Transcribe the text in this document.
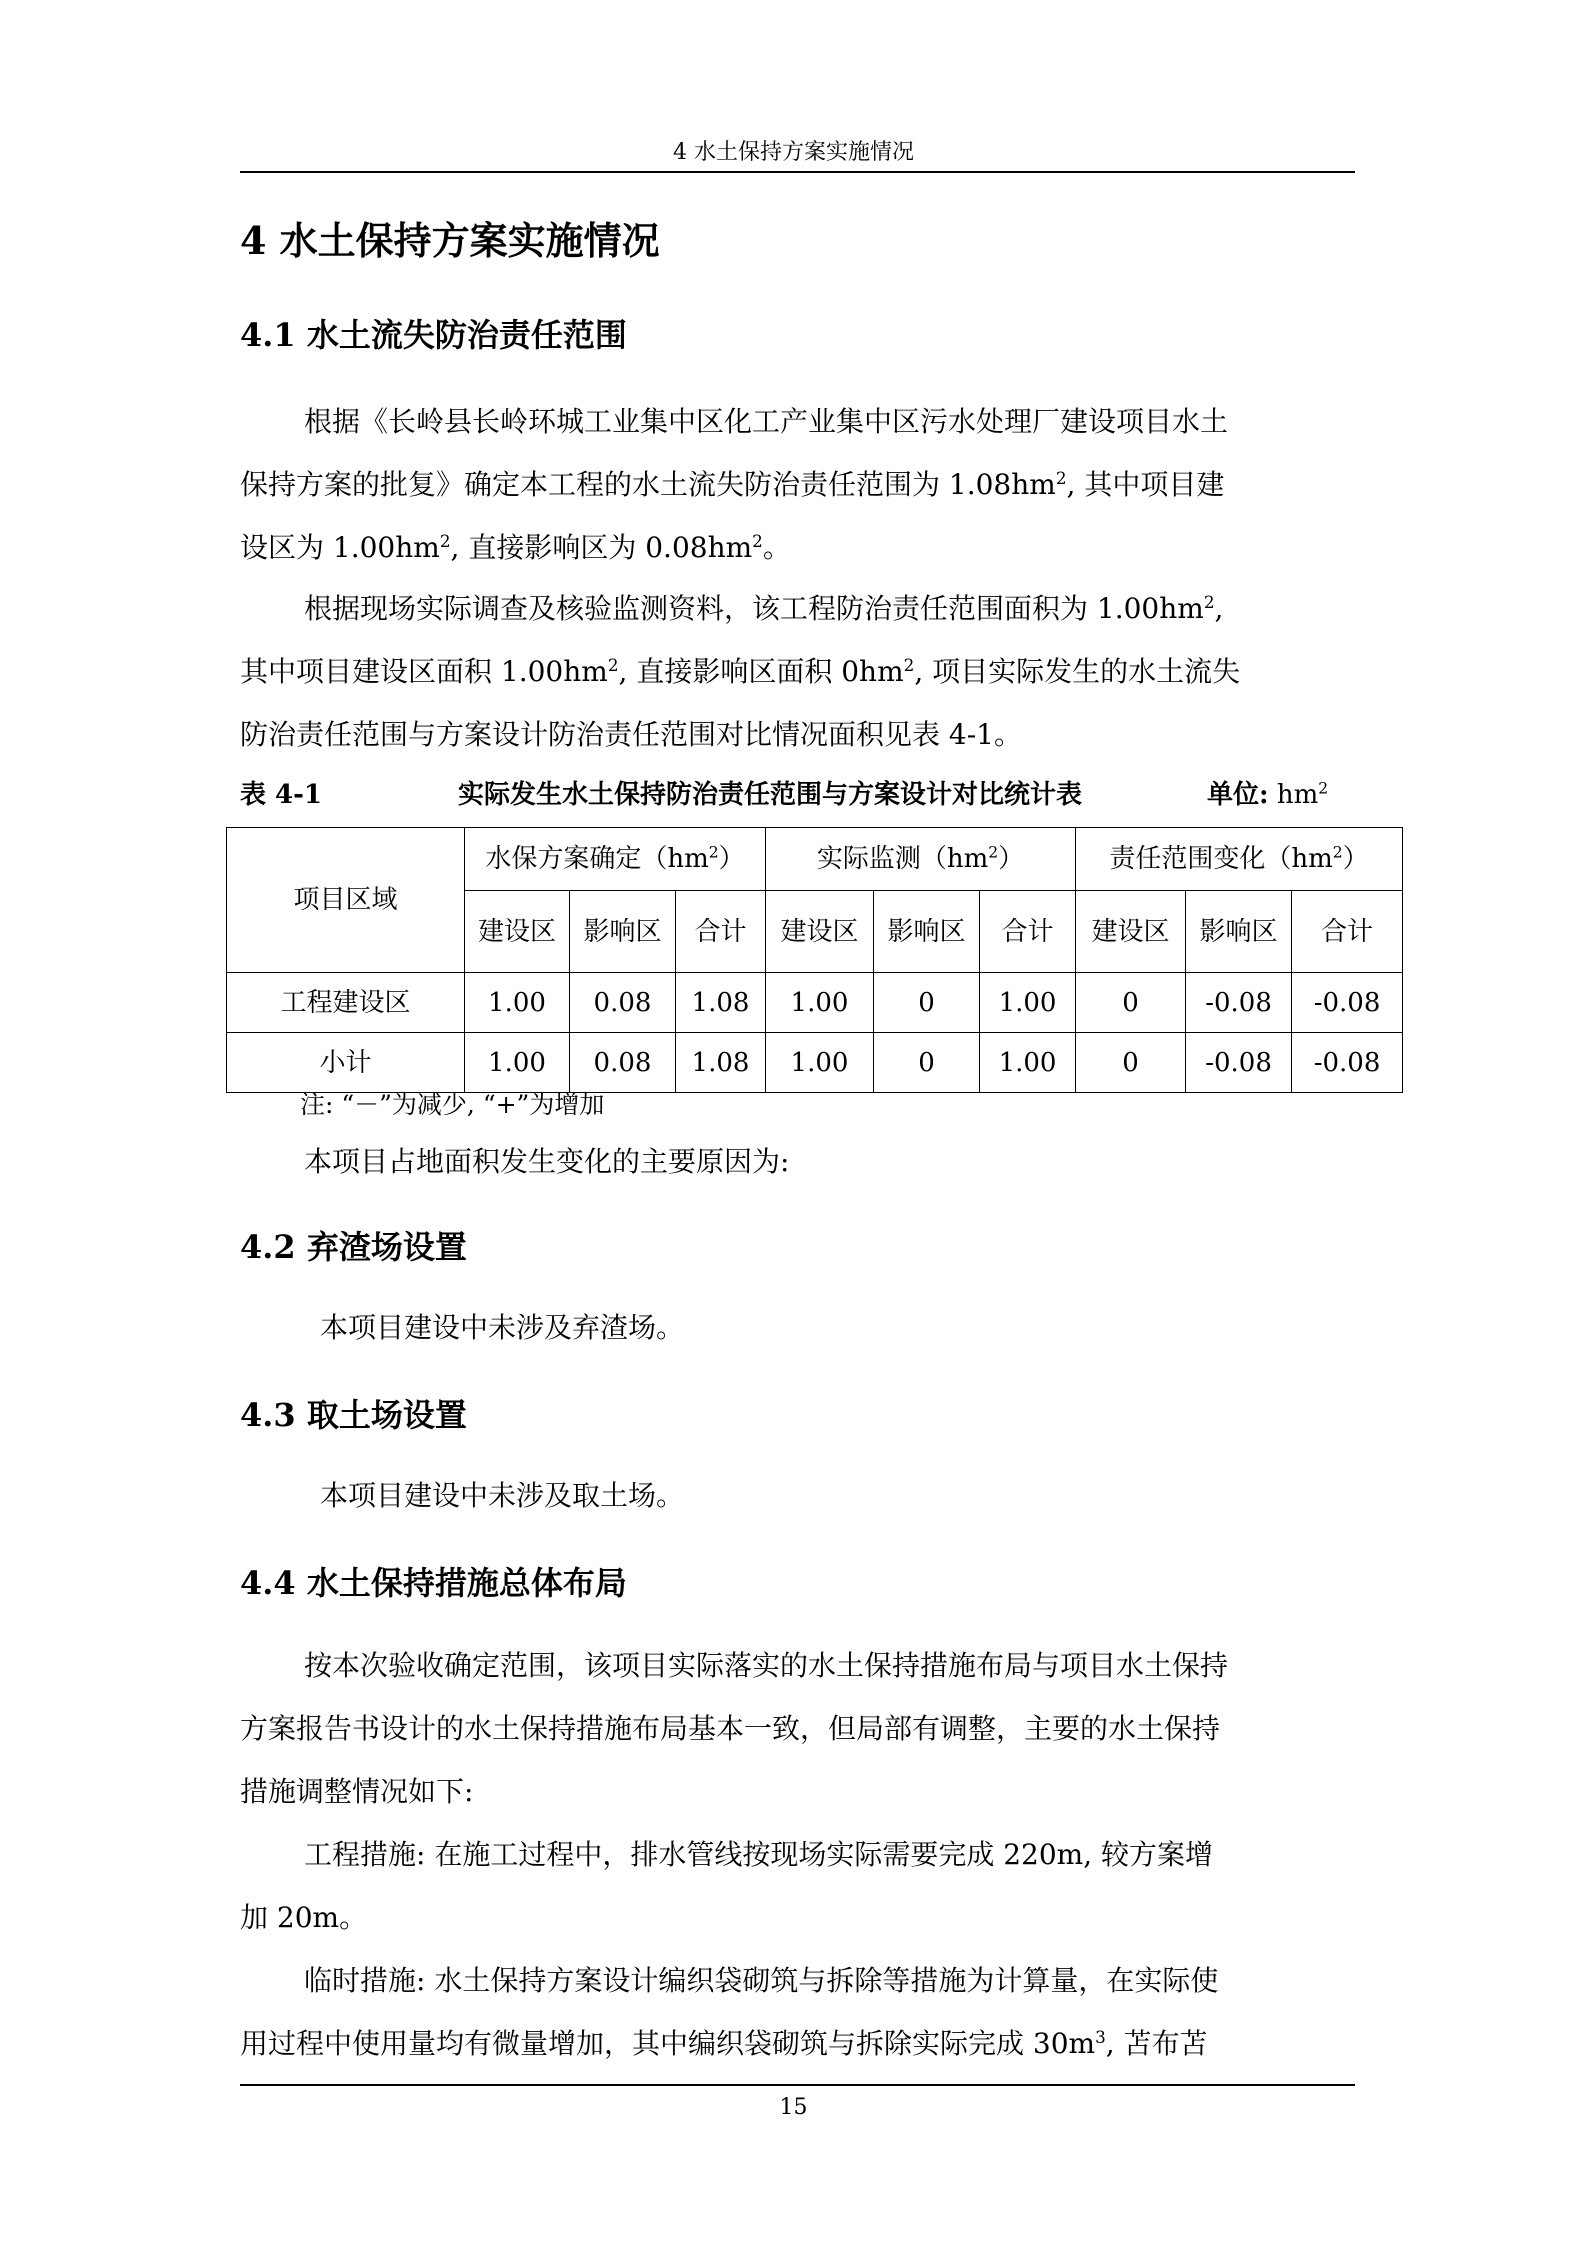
4 水土保持方案实施情况
4 水土保持方案实施情况
4.1 水土流失防治责任范围
根据《长岭县长岭环城工业集中区化工产业集中区污水处理厂建设项目水土
保持方案的批复》确定本工程的水土流失防治责任范围为 $1.08hm^2$, 其中项目建
设区为 $1.00hm^2$, 直接影响区为 $0.08hm^2$。
根据现场实际调查及核验监测资料，该工程防治责任范围面积为 $1.00hm^2$,
其中项目建设区面积 $1.00hm^2$, 直接影响区面积 $0hm^2$, 项目实际发生的水土流失
防治责任范围与方案设计防治责任范围对比情况面积见表 4-1。
表 4-1	实际发生水土保持防治责任范围与方案设计对比统计表	单位: $hm^2$
项目区域	水保方案确定$(hm^2)$			实际监测$(hm^2)$			责任范围变化$(hm^2)$		
	建设区	影响区	合计	建设区	影响区	合计	建设区	影响区	合计
工程建设区	1.00	0.08	1.08	1.00	0	1.00	0	-0.08	-0.08
小计	1.00	0.08	1.08	1.00	0	1.00	0	-0.08	-0.08
注: “－”为减少, “+”为增加
本项目占地面积发生变化的主要原因为:
4.2 弃渣场设置
本项目建设中未涉及弃渣场。
4.3 取土场设置
本项目建设中未涉及取土场。
4.4 水土保持措施总体布局
按本次验收确定范围，该项目实际落实的水土保持措施布局与项目水土保持
方案报告书设计的水土保持措施布局基本一致，但局部有调整，主要的水土保持
措施调整情况如下:
工程措施: 在施工过程中，排水管线按现场实际需要完成 220m, 较方案增
加 20m。
临时措施: 水土保持方案设计编织袋砌筑与拆除等措施为计算量，在实际使
用过程中使用量均有微量增加，其中编织袋砌筑与拆除实际完成 $30m^3$, 苫布苫
15
